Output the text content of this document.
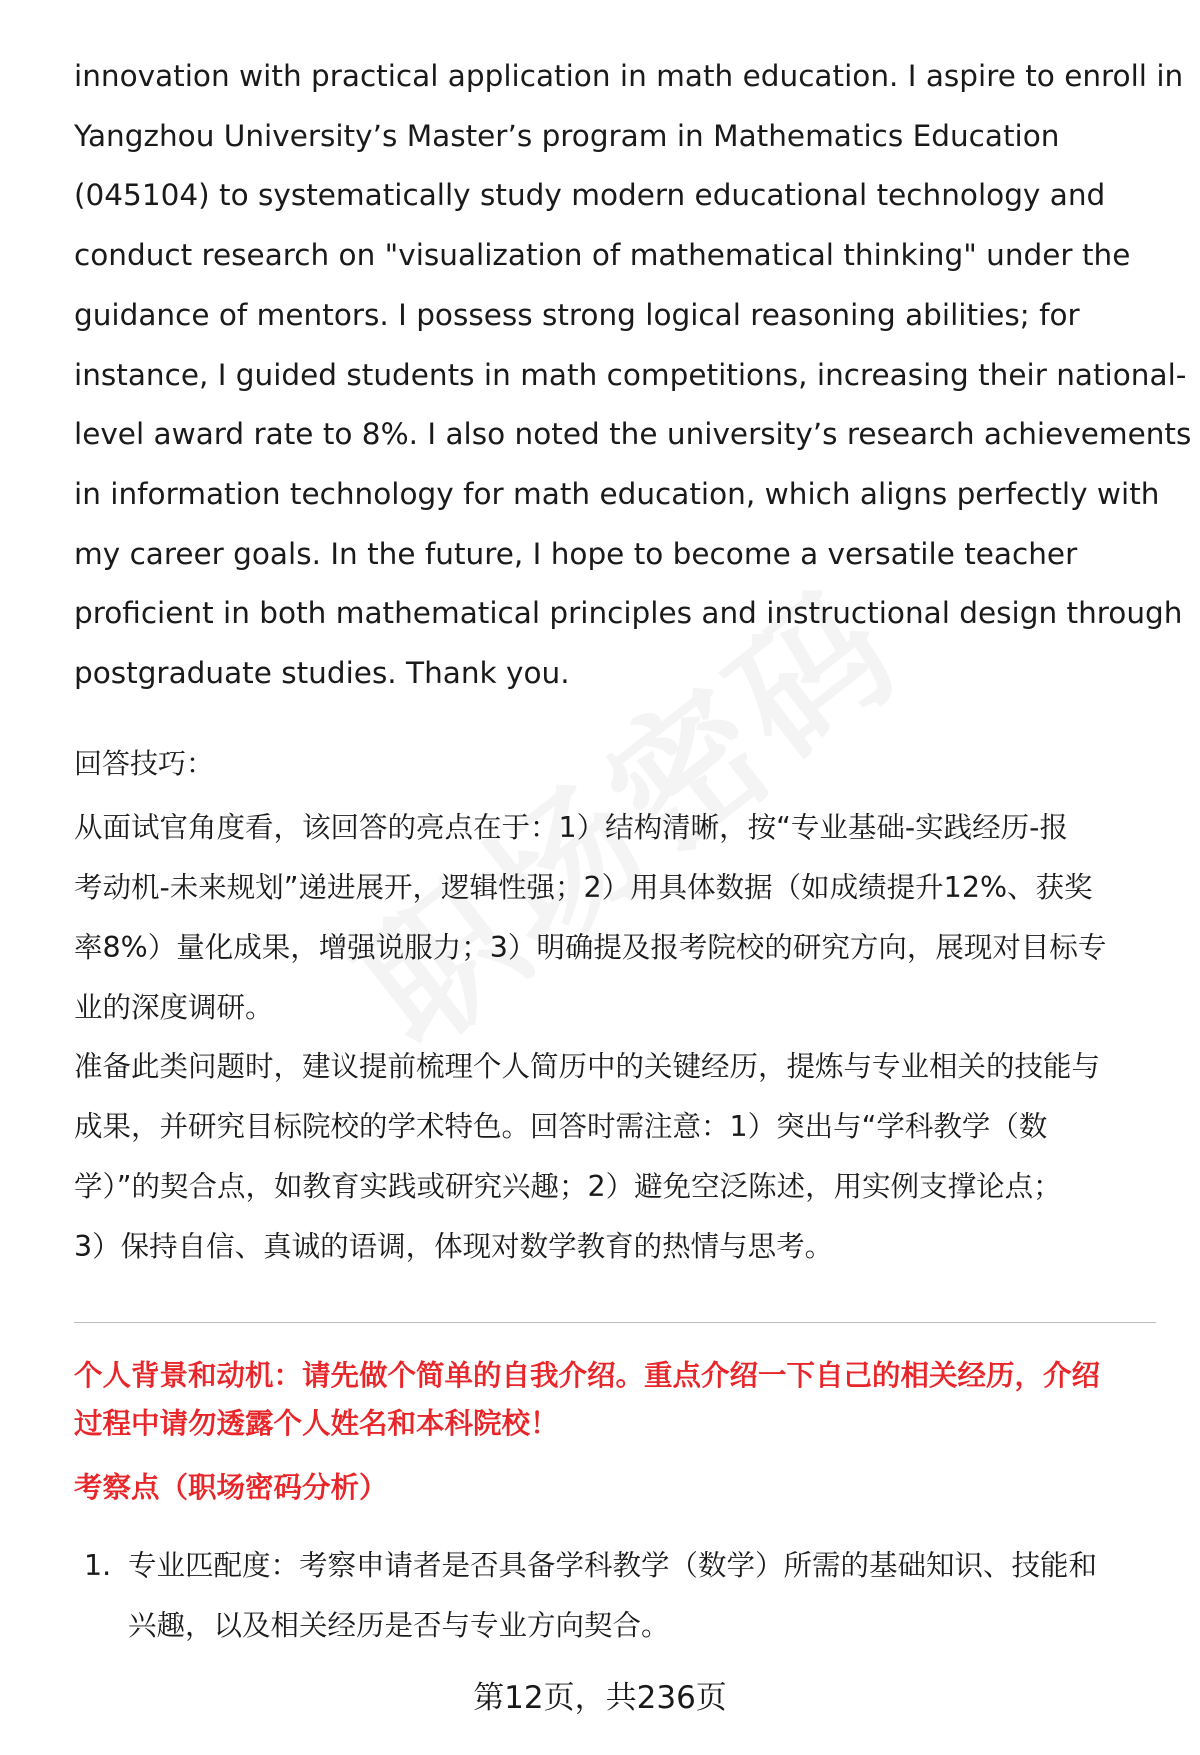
innovation with practical application in math education. I aspire to enroll in
Yangzhou University’s Master’s program in Mathematics Education
(045104) to systematically study modern educational technology and
conduct research on "visualization of mathematical thinking" under the
guidance of mentors. I possess strong logical reasoning abilities; for
instance, I guided students in math competitions, increasing their national-
level award rate to 8%. I also noted the university’s research achievements
in information technology for math education, which aligns perfectly with
my career goals. In the future, I hope to become a versatile teacher
proficient in both mathematical principles and instructional design through
postgraduate studies. Thank you.
回答技巧：
从面试官角度看，该回答的亮点在于：1）结构清晰，按“专业基础-实践经历-报
考动机-未来规划”递进展开，逻辑性强；2）用具体数据（如成绩提升12%、获奖
率8%）量化成果，增强说服力；3）明确提及报考院校的研究方向，展现对目标专
业的深度调研。
准备此类问题时，建议提前梳理个人简历中的关键经历，提炼与专业相关的技能与
成果，并研究目标院校的学术特色。回答时需注意：1）突出与“学科教学（数
学）”的契合点，如教育实践或研究兴趣；2）避免空泛陈述，用实例支撑论点；
3）保持自信、真诚的语调，体现对数学教育的热情与思考。
个人背景和动机：请先做个简单的自我介绍。重点介绍一下自己的相关经历，介绍
过程中请勿透露个人姓名和本科院校！
考察点（职场密码分析）
1. 专业匹配度：考察申请者是否具备学科教学（数学）所需的基础知识、技能和
兴趣，以及相关经历是否与专业方向契合。
第12页，共236页
